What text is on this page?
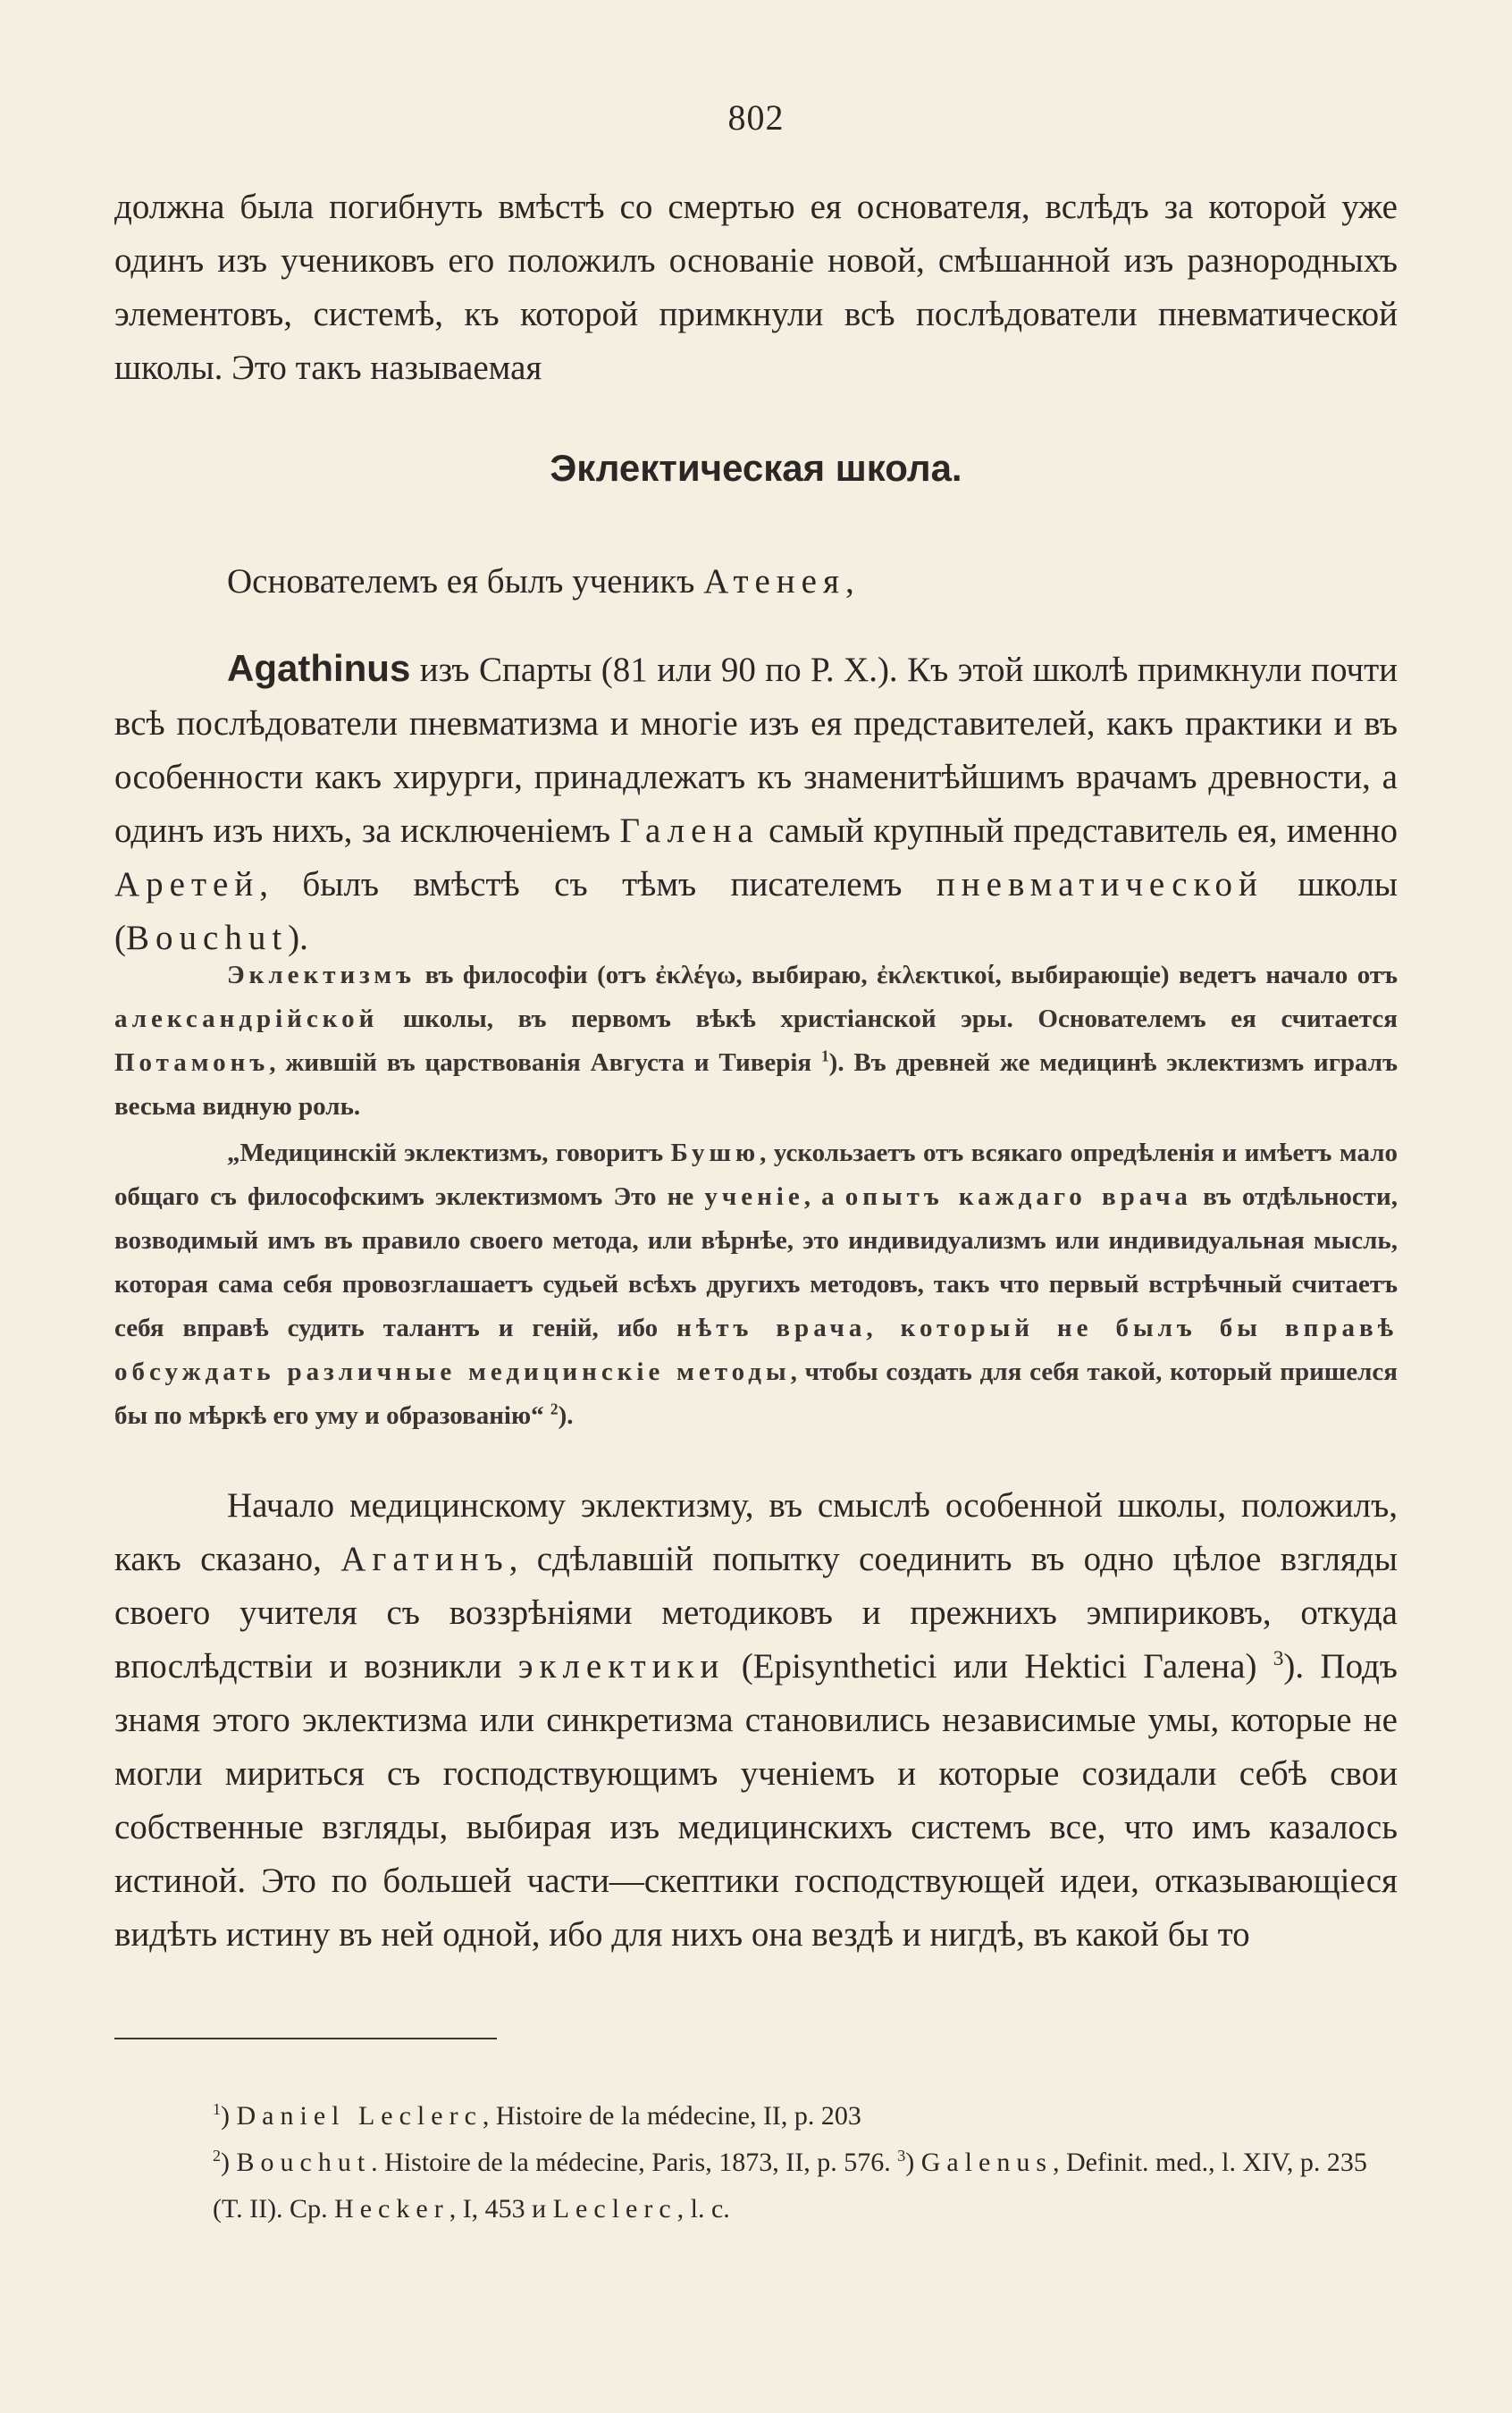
802
должна была погибнуть вмѣстѣ со смертью ея основателя, вслѣдъ за которой уже одинъ изъ учениковъ его положилъ основаніе новой, смѣшанной изъ разнородныхъ элементовъ, системѣ, къ которой примкнули всѣ послѣдователи пневматической школы. Это такъ называемая
Эклектическая школа.
Основателемъ ея былъ ученикъ Атенея,
Agathinus изъ Спарты (81 или 90 по Р. Х.). Къ этой школѣ примкнули почти всѣ послѣдователи пневматизма и многіе изъ ея представителей, какъ практики и въ особенности какъ хирурги, принадлежатъ къ знаменитѣйшимъ врачамъ древности, а одинъ изъ нихъ, за исключеніемъ Галена самый крупный представитель ея, именно Аретей, былъ вмѣстѣ съ тѣмъ писателемъ пневматической школы (Bouchut).
Эклектизмъ въ философіи (отъ ἐκλέγω, выбираю, ἐκλεκτικοί, выбирающіе) ведетъ начало отъ александрійской школы, въ первомъ вѣкѣ христіанской эры. Основателемъ ея считается Потамонъ, жившій въ царствованія Августа и Тиверія $^1$). Въ древней же медицинѣ эклектизмъ игралъ весьма видную роль.
„Медицинскій эклектизмъ, говоритъ Бушю, ускользаетъ отъ всякаго опредѣленія и имѣетъ мало общаго съ философскимъ эклектизмомъ Это не ученіе, а опытъ каждаго врача въ отдѣльности, возводимый имъ въ правило своего метода, или вѣрнѣе, это индивидуализмъ или индивидуальная мысль, которая сама себя провозглашаетъ судьей всѣхъ другихъ методовъ, такъ что первый встрѣчный считаетъ себя вправѣ судить талантъ и геній, ибо нѣтъ врача, который не былъ бы вправѣ обсуждать различные медицинскіе методы, чтобы создать для себя такой, который пришелся бы по мѣркѣ его уму и образованію“ $^2$).
Начало медицинскому эклектизму, въ смыслѣ особенной школы, положилъ, какъ сказано, Агатинъ, сдѣлавшій попытку соединить въ одно цѣлое взгляды своего учителя съ воззрѣніями методиковъ и прежнихъ эмпириковъ, откуда впослѣдствіи и возникли эклектики (Episynthetici или Hektici Галена) $^3$). Подъ знамя этого эклектизма или синкретизма становились независимые умы, которые не могли мириться съ господствующимъ ученіемъ и которые созидали себѣ свои собственные взгляды, выбирая изъ медицинскихъ системъ все, что имъ казалось истиной. Это по большей части—скептики господствующей идеи, отказывающіеся видѣть истину въ ней одной, ибо для нихъ она вездѣ и нигдѣ, въ какой бы то
$^1$) Daniel Leclerc, Histoire de la médecine, II, p. 203
$^2$) Bouchut. Histoire de la médecine, Paris, 1873, II, p. 576. $^3$) Galenus, Definit. med., l. XIV, p. 235 (T. II). Ср. Hecker, I, 453 и Leclerc, l. c.
